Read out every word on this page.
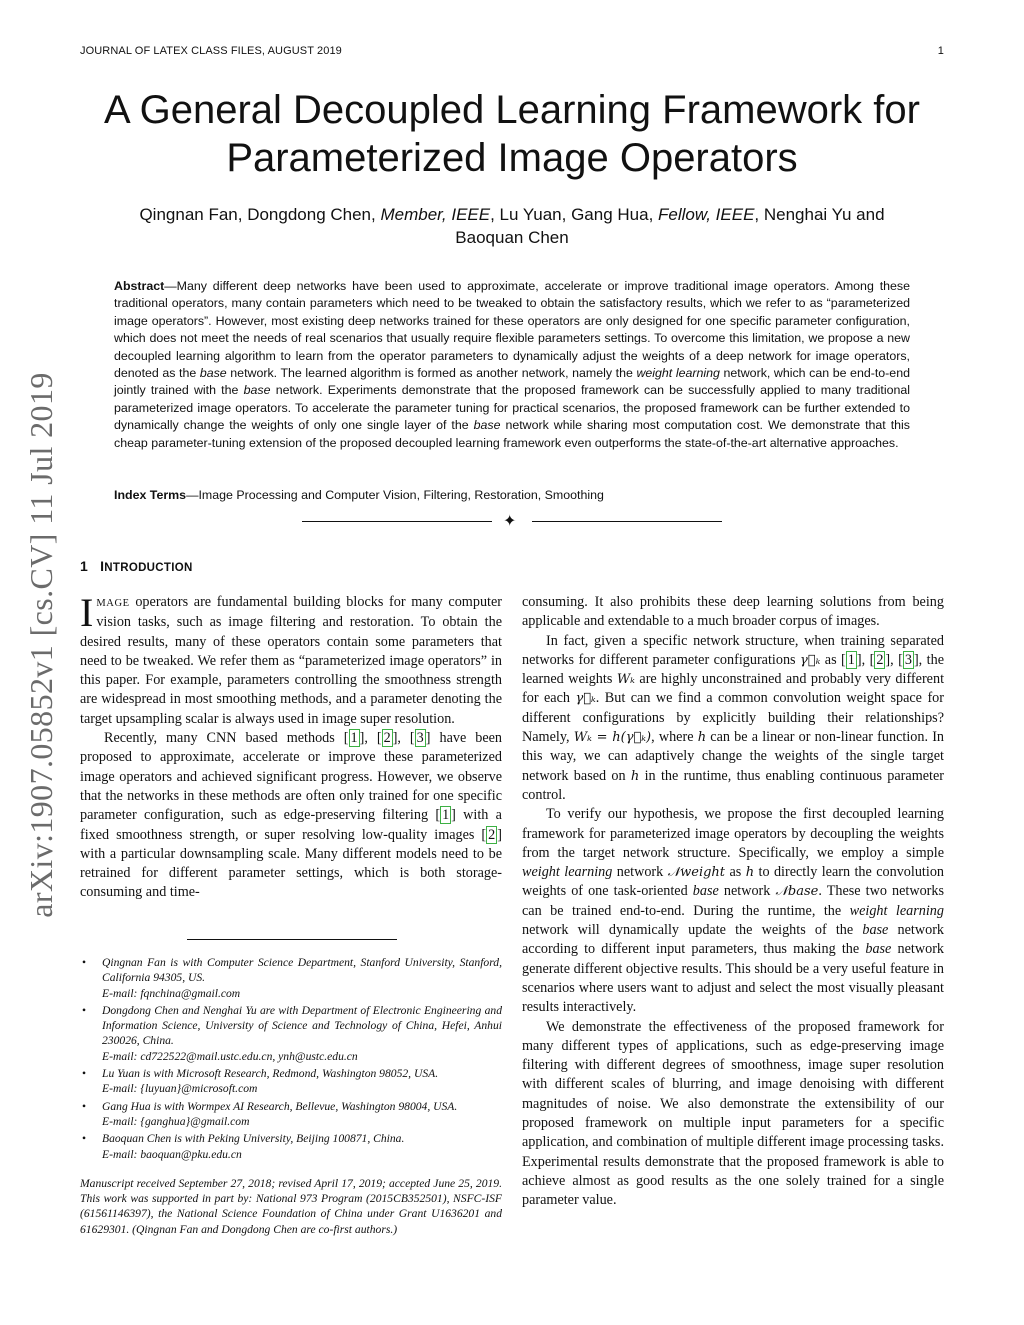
JOURNAL OF LATEX CLASS FILES, AUGUST 2019	1
arXiv:1907.05852v1 [cs.CV] 11 Jul 2019
A General Decoupled Learning Framework for
Parameterized Image Operators
Qingnan Fan, Dongdong Chen, Member, IEEE, Lu Yuan, Gang Hua, Fellow, IEEE, Nenghai Yu and
Baoquan Chen
Abstract—Many different deep networks have been used to approximate, accelerate or improve traditional image operators. Among these traditional operators, many contain parameters which need to be tweaked to obtain the satisfactory results, which we refer to as “parameterized image operators”. However, most existing deep networks trained for these operators are only designed for one specific parameter configuration, which does not meet the needs of real scenarios that usually require flexible parameters settings. To overcome this limitation, we propose a new decoupled learning algorithm to learn from the operator parameters to dynamically adjust the weights of a deep network for image operators, denoted as the base network. The learned algorithm is formed as another network, namely the weight learning network, which can be end-to-end jointly trained with the base network. Experiments demonstrate that the proposed framework can be successfully applied to many traditional parameterized image operators. To accelerate the parameter tuning for practical scenarios, the proposed framework can be further extended to dynamically change the weights of only one single layer of the base network while sharing most computation cost. We demonstrate that this cheap parameter-tuning extension of the proposed decoupled learning framework even outperforms the state-of-the-art alternative approaches.
Index Terms—Image Processing and Computer Vision, Filtering, Restoration, Smoothing
✦
1 INTRODUCTION

IMAGE operators are fundamental building blocks for many computer vision tasks, such as image filtering and restoration. To obtain the desired results, many of these operators contain some parameters that need to be tweaked. We refer them as “parameterized image operators” in this paper. For example, parameters controlling the smoothness strength are widespread in most smoothing methods, and a parameter denoting the target upsampling scalar is always used in image super resolution.

Recently, many CNN based methods [ 1 ], [ 2 ], [ 3 ] have been proposed to approximate, accelerate or improve these parameterized image operators and achieved significant progress. However, we observe that the networks in these methods are often only trained for one specific parameter configuration, such as edge-preserving filtering [ 1 ] with a fixed smoothness strength, or super resolving low-quality images [ 2 ] with a particular downsampling scale. Many different models need to be retrained for different parameter settings, which is both storage-consuming and time-

• Qingnan Fan is with Computer Science Department, Stanford University, Stanford, California 94305, US.
E-mail: fqnchina@gmail.com
• Dongdong Chen and Nenghai Yu are with Department of Electronic Engineering and Information Science, University of Science and Technology of China, Hefei, Anhui 230026, China.
E-mail: cd722522@mail.ustc.edu.cn, ynh@ustc.edu.cn
• Lu Yuan is with Microsoft Research, Redmond, Washington 98052, USA.
E-mail: {luyuan}@microsoft.com
• Gang Hua is with Wormpex AI Research, Bellevue, Washington 98004, USA.
E-mail: {ganghua}@gmail.com
• Baoquan Chen is with Peking University, Beijing 100871, China.
E-mail: baoquan@pku.edu.cn
Manuscript received September 27, 2018; revised April 17, 2019; accepted June 25, 2019. This work was supported in part by: National 973 Program (2015CB352501), NSFC-ISF (61561146397), the National Science Foundation of China under Grant U1636201 and 61629301. (Qingnan Fan and Dongdong Chen are co-first authors.)

consuming. It also prohibits these deep learning solutions from being applicable and extendable to a much broader corpus of images.

In fact, given a specific network structure, when training separated networks for different parameter configurations γ⃗ₖ as [ 1 ], [ 2 ], [ 3 ], the learned weights Wₖ are highly unconstrained and probably very different for each γ⃗ₖ. But can we find a common convolution weight space for different configurations by explicitly building their relationships? Namely, Wₖ = h(γ⃗ₖ), where h can be a linear or non-linear function. In this way, we can adaptively change the weights of the single target network based on h in the runtime, thus enabling continuous parameter control.

To verify our hypothesis, we propose the first decoupled learning framework for parameterized image operators by decoupling the weights from the target network structure. Specifically, we employ a simple weight learning network 𝒩weight as h to directly learn the convolution weights of one task-oriented base network 𝒩base. These two networks can be trained end-to-end. During the runtime, the weight learning network will dynamically update the weights of the base network according to different input parameters, thus making the base network generate different objective results. This should be a very useful feature in scenarios where users want to adjust and select the most visually pleasant results interactively.

We demonstrate the effectiveness of the proposed framework for many different types of applications, such as edge-preserving image filtering with different degrees of smoothness, image super resolution with different scales of blurring, and image denoising with different magnitudes of noise. We also demonstrate the extensibility of our proposed framework on multiple input parameters for a specific application, and combination of multiple different image processing tasks. Experimental results demonstrate that the proposed framework is able to achieve almost as good results as the one solely trained for a single parameter value.
